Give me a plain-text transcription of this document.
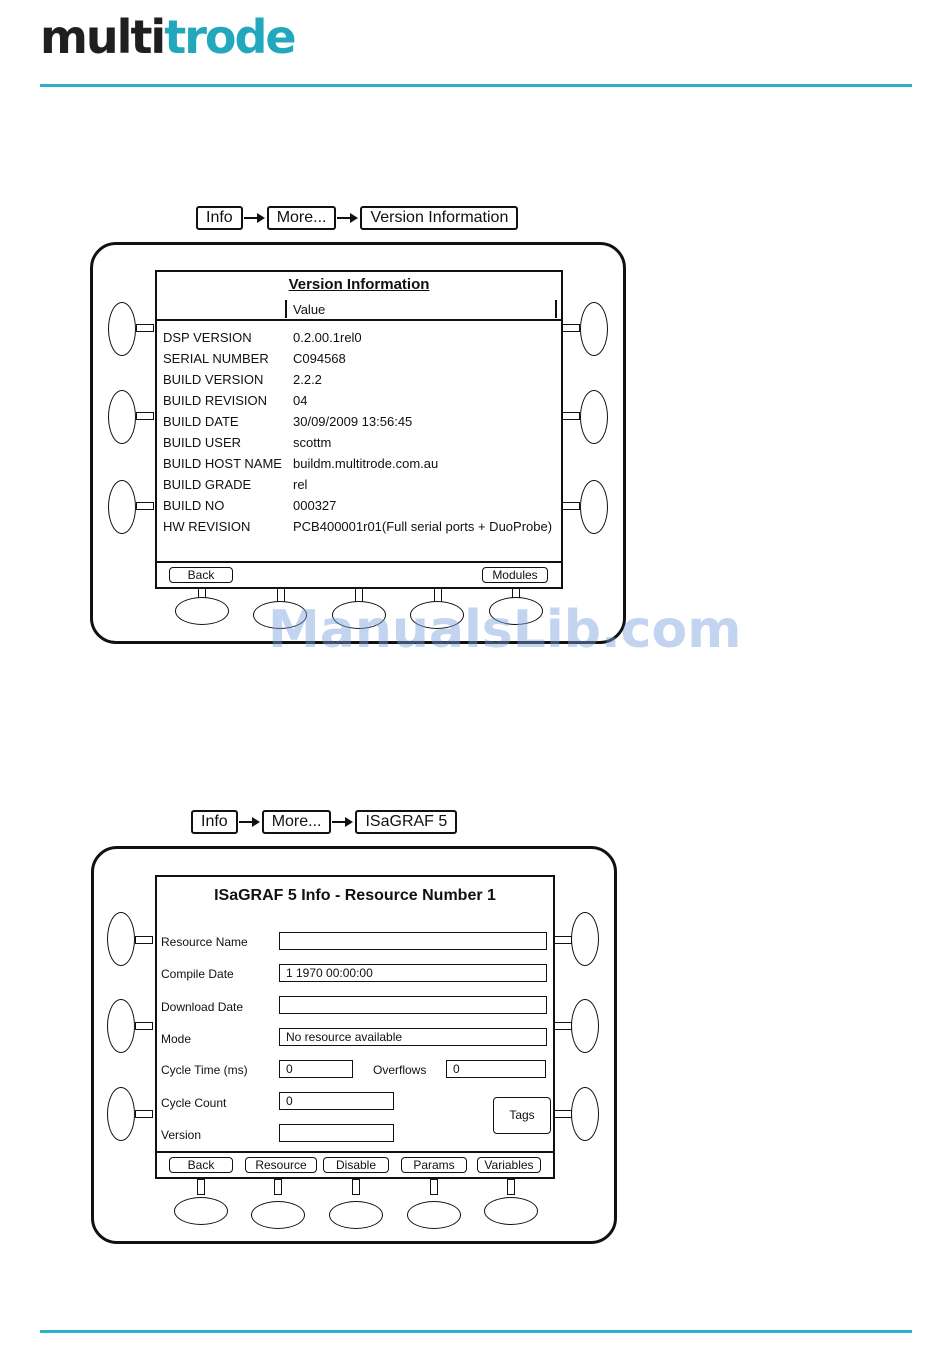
multitrode
Info	More...	Version Information
Version Information
Value
DSP VERSION	0.2.00.1rel0
SERIAL NUMBER	C094568
BUILD VERSION	2.2.2
BUILD REVISION	04
BUILD DATE	30/09/2009 13:56:45
BUILD USER	scottm
BUILD HOST NAME buildm.multitrode.com.au
BUILD GRADE	rel
BUILD NO	000327
HW REVISION	PCB400001r01(Full serial ports + DuoProbe)
Back	Modules
ManualsLib.com
Info	More...	ISaGRAF 5
ISaGRAF 5 Info - Resource Number 1
Resource Name
Compile Date	1 1970 00:00:00
Download Date
Mode	No resource available
Cycle Time (ms)	0	Overflows	0
Cycle Count	0
Version
Tags
Back	Resource	Disable	Params	Variables
